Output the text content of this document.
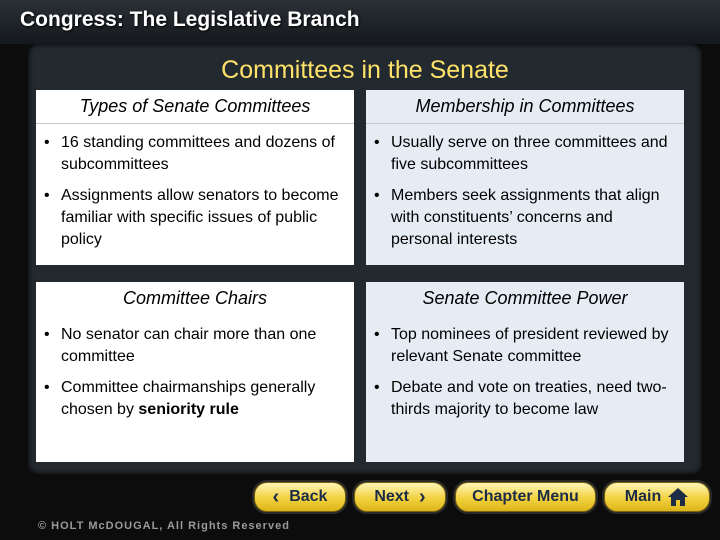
Congress: The Legislative Branch
Committees in the Senate
Types of Senate Committees
• 16 standing committees and dozens of subcommittees
• Assignments allow senators to become familiar with specific issues of public policy
Membership in Committees
• Usually serve on three committees and five subcommittees
• Members seek assignments that align with constituents’ concerns and personal interests
Committee Chairs
• No senator can chair more than one committee
• Committee chairmanships generally chosen by seniority rule
Senate Committee Power
• Top nominees of president reviewed by relevant Senate committee
• Debate and vote on treaties, need two-thirds majority to become law
‹ Back	Next ›	Chapter Menu	Main
© HOLT McDOUGAL, All Rights Reserved
